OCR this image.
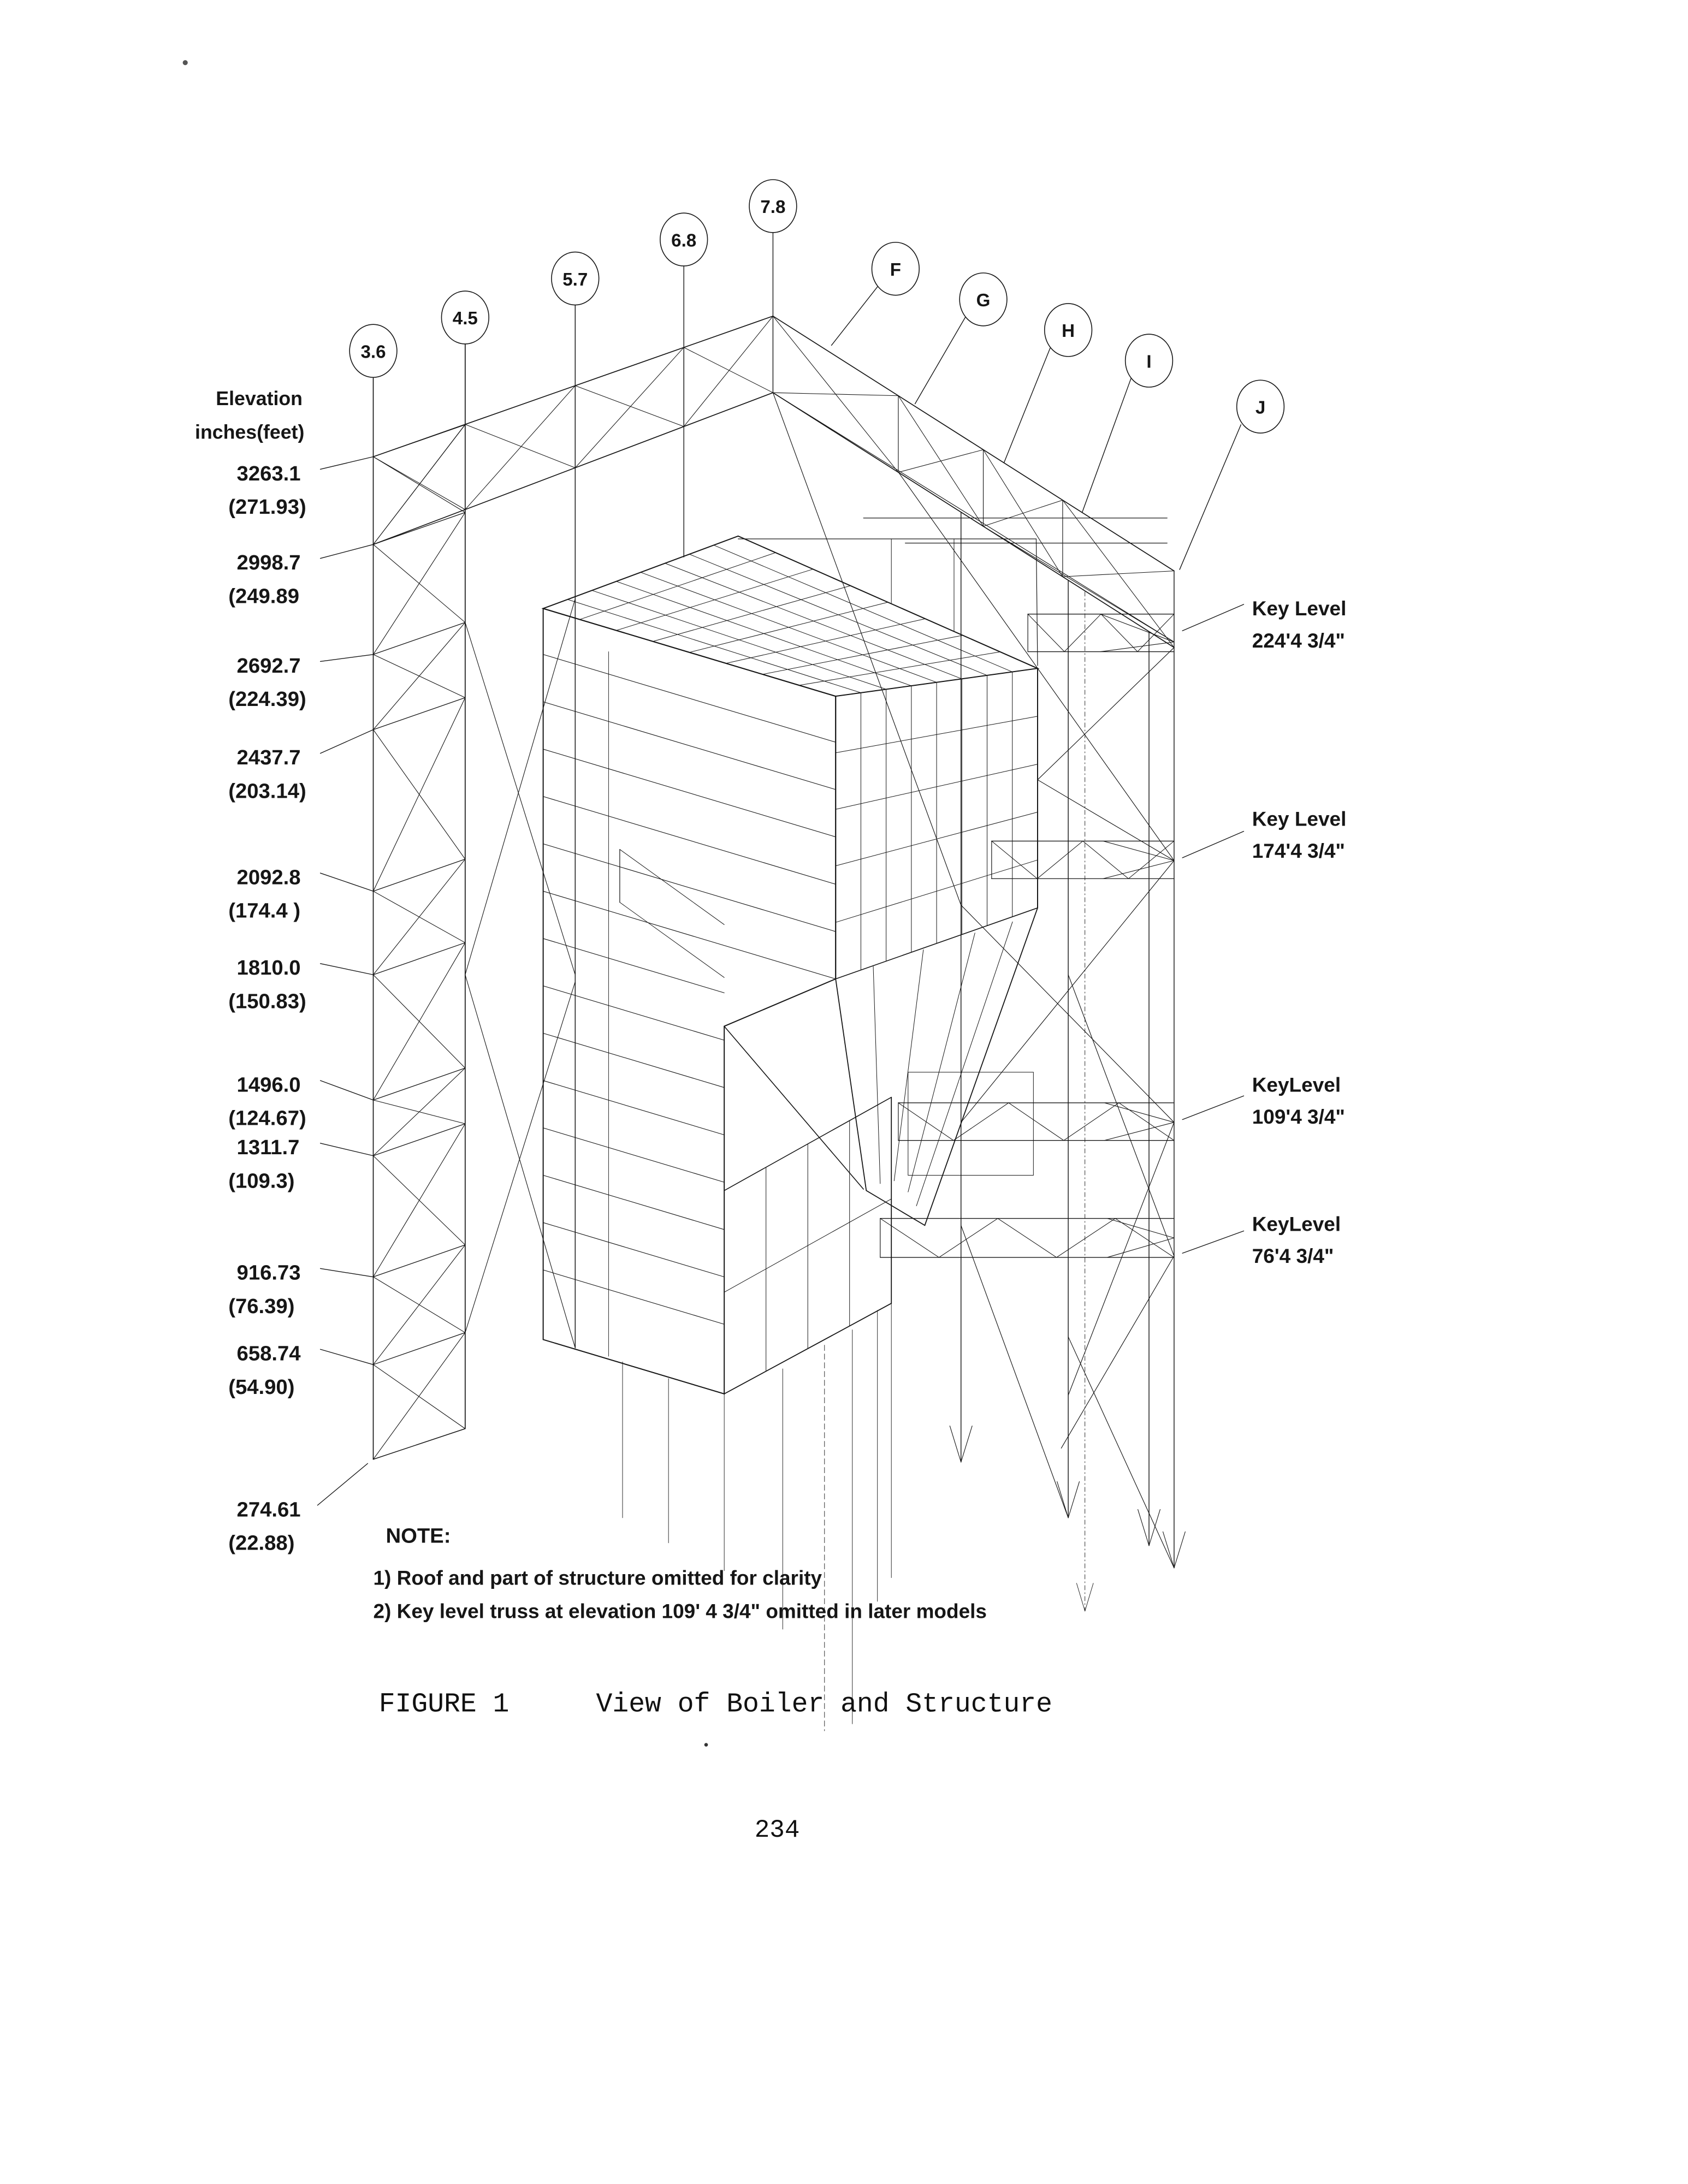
3.6
4.5
5.7
6.8
7.8
F
G
H
I
J
Elevation
inches(feet)
3263.1
(271.93)
2998.7
(249.89
2692.7
(224.39)
2437.7
(203.14)
2092.8
(174.4 )
1810.0
(150.83)
1496.0
(124.67)
1311.7
(109.3)
916.73
(76.39)
658.74
(54.90)
274.61
(22.88)
Key Level
224'4 3/4"
Key Level
174'4 3/4"
KeyLevel
109'4 3/4"
KeyLevel
76'4 3/4"
NOTE:
1) Roof and part of structure omitted for clarity
2) Key level truss at elevation 109' 4 3/4" omitted in later models
FIGURE 1	View of Boiler and Structure
234
